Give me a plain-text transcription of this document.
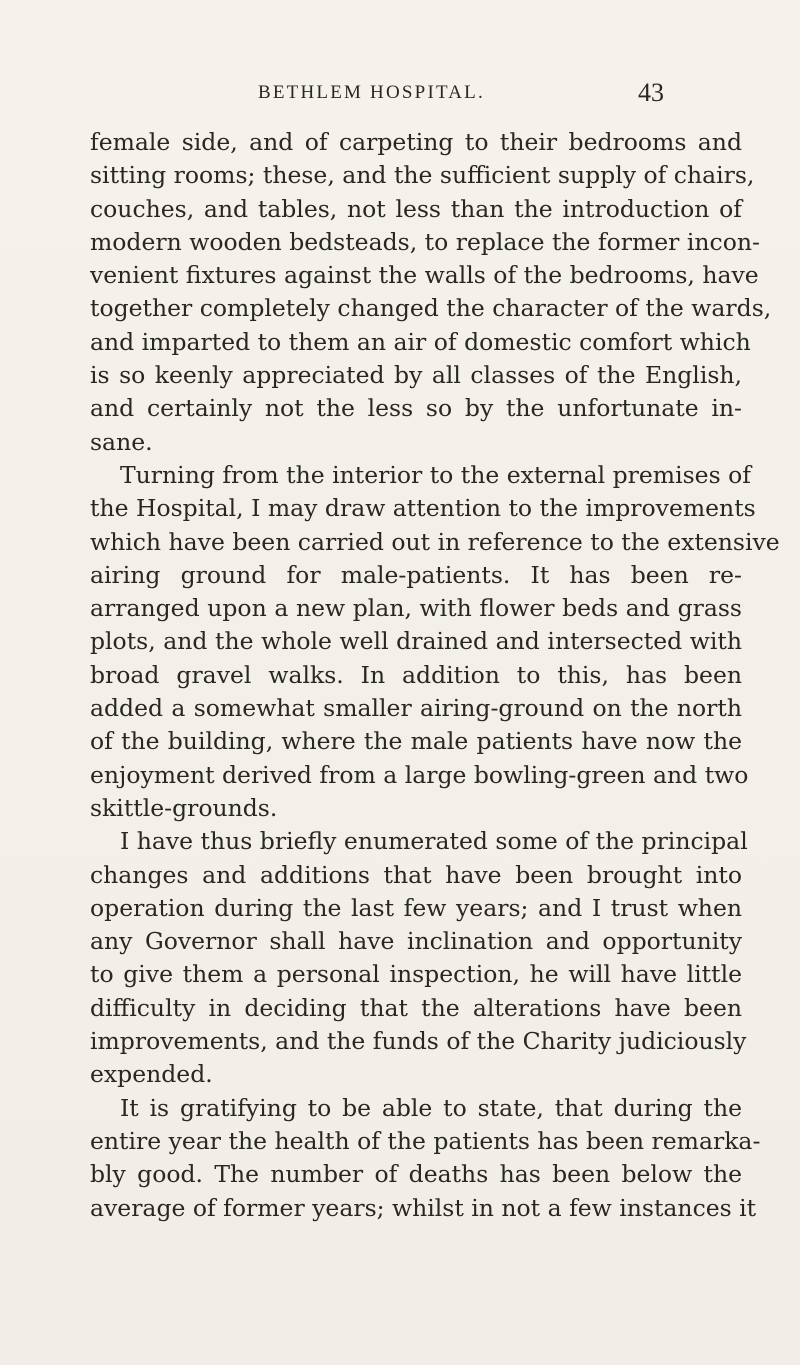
BETHLEM HOSPITAL.	43
female side, and of carpeting to their bedrooms and
sitting rooms; these, and the sufficient supply of chairs,
couches, and tables, not less than the introduction of
modern wooden bedsteads, to replace the former incon-
venient fixtures against the walls of the bedrooms, have
together completely changed the character of the wards,
and imparted to them an air of domestic comfort which
is so keenly appreciated by all classes of the English,
and certainly not the less so by the unfortunate in-
sane.
Turning from the interior to the external premises of
the Hospital, I may draw attention to the improvements
which have been carried out in reference to the extensive
airing ground for male-patients. It has been re-
arranged upon a new plan, with flower beds and grass
plots, and the whole well drained and intersected with
broad gravel walks. In addition to this, has been
added a somewhat smaller airing-ground on the north
of the building, where the male patients have now the
enjoyment derived from a large bowling-green and two
skittle-grounds.
I have thus briefly enumerated some of the principal
changes and additions that have been brought into
operation during the last few years; and I trust when
any Governor shall have inclination and opportunity
to give them a personal inspection, he will have little
difficulty in deciding that the alterations have been
improvements, and the funds of the Charity judiciously
expended.
It is gratifying to be able to state, that during the
entire year the health of the patients has been remarka-
bly good. The number of deaths has been below the
average of former years; whilst in not a few instances it
